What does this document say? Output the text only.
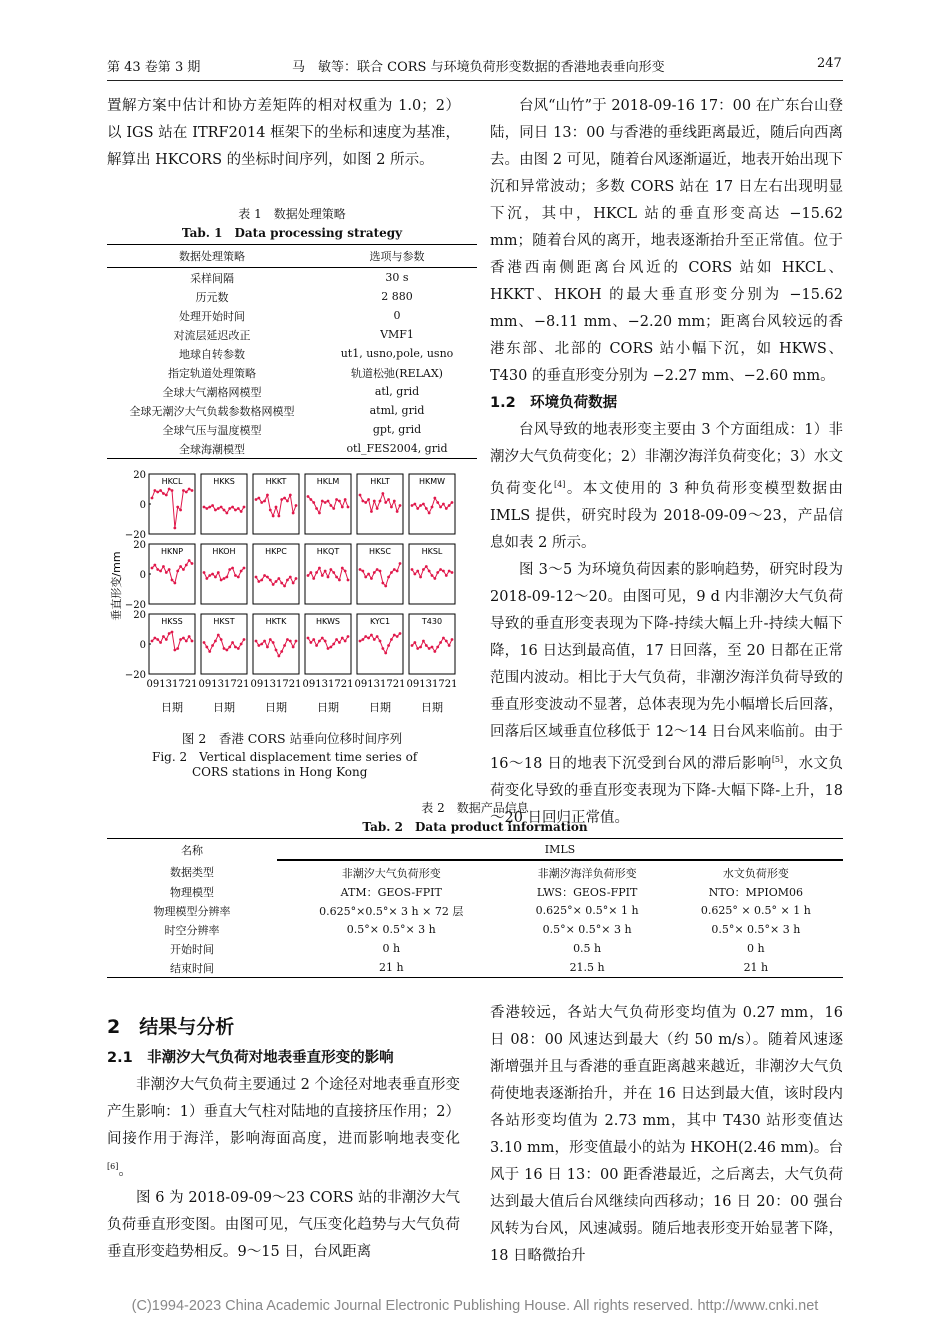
第 43 卷第 3 期	马　敏等：联合 CORS 与环境负荷形变数据的香港地表垂向形变	247

置解方案中估计和协方差矩阵的相对权重为 1.0；2）以 IGS 站在 ITRF2014 框架下的坐标和速度为基准，解算出 HKCORS 的坐标时间序列，如图 2 所示。

表 1　数据处理策略
Tab. 1　Data processing strategy
数据处理策略	选项与参数
采样间隔	30 s
历元数	2 880
处理开始时间	0
对流层延迟改正	VMF1
地球自转参数	ut1, usno,pole, usno
指定轨道处理策略	轨道松弛(RELAX)
全球大气潮格网模型	atl, grid
全球无潮汐大气负载参数格网模型	atml, grid
全球气压与温度模型	gpt, grid
全球海潮模型	otl_FES2004, grid
垂直形变/mm
HKCL
20
0
−20
HKKS	HKKT	HKLM	HKLT	HKMW
HKNP
20
0
−20
HKOH	HKPC	HKQT	HKSC	HKSL
HKSS
20
0
−20
09131721
日期
HKST
09131721
日期
HKTK
09131721
日期
HKWS
09131721
日期
KYC1
09131721
日期
T430
09131721
日期
图 2　香港 CORS 站垂向位移时间序列
Fig. 2　Vertical displacement time series of
CORS stations in Hong Kong

台风“山竹”于 2018-09-16 17：00 在广东台山登陆，同日 13：00 与香港的垂线距离最近，随后向西离去。由图 2 可见，随着台风逐渐逼近，地表开始出现下沉和异常波动；多数 CORS 站在 17 日左右出现明显下沉，其中，HKCL 站的垂直形变高达 −15.62 mm；随着台风的离开，地表逐渐抬升至正常值。位于香港西南侧距离台风近的 CORS 站如 HKCL、HKKT、HKOH 的最大垂直形变分别为 −15.62 mm、−8.11 mm、−2.20 mm；距离台风较远的香港东部、北部的 CORS 站小幅下沉，如 HKWS、T430 的垂直形变分别为 −2.27 mm、−2.60 mm。

1.2　环境负荷数据

台风导致的地表形变主要由 3 个方面组成：1）非潮汐大气负荷变化；2）非潮汐海洋负荷变化；3）水文负荷变化[4]。本文使用的 3 种负荷形变模型数据由 IMLS 提供，研究时段为 2018-09-09～23，产品信息如表 2 所示。

图 3～5 为环境负荷因素的影响趋势，研究时段为 2018-09-12～20。由图可见，9 d 内非潮汐大气负荷导致的垂直形变表现为下降-持续大幅上升-持续大幅下降，16 日达到最高值，17 日回落，至 20 日都在正常范围内波动。相比于大气负荷，非潮汐海洋负荷导致的垂直形变波动不显著，总体表现为先小幅增长后回落，回落后区域垂直位移低于 12～14 日台风来临前。由于 16～18 日的地表下沉受到台风的滞后影响[5]，水文负荷变化导致的垂直形变表现为下降-大幅下降-上升，18～20 日回归正常值。

表 2　数据产品信息
Tab. 2　Data product information
名称	IMLS		

数据类型	非潮汐大气负荷形变	非潮汐海洋负荷形变	水文负荷形变
物理模型	ATM：GEOS-FPIT	LWS：GEOS-FPIT	NTO：MPIOM06
物理模型分辨率	0.625°×0.5°× 3 h × 72 层	0.625°× 0.5°× 1 h	0.625° × 0.5° × 1 h
时空分辨率	0.5°× 0.5°× 3 h	0.5°× 0.5°× 3 h	0.5°× 0.5°× 3 h
开始时间	0 h	0.5 h	0 h
结束时间	21 h	21.5 h	21 h
2　结果与分析
2.1　非潮汐大气负荷对地表垂直形变的影响

非潮汐大气负荷主要通过 2 个途径对地表垂直形变产生影响：1）垂直大气柱对陆地的直接挤压作用；2）间接作用于海洋，影响海面高度，进而影响地表变化[6]。

图 6 为 2018-09-09～23 CORS 站的非潮汐大气负荷垂直形变图。由图可见，气压变化趋势与大气负荷垂直形变趋势相反。9～15 日，台风距离

香港较远，各站大气负荷形变均值为 0.27 mm，16 日 08：00 风速达到最大（约 50 m/s）。随着风速逐渐增强并且与香港的垂直距离越来越近，非潮汐大气负荷使地表逐渐抬升，并在 16 日达到最大值，该时段内各站形变均值为 2.73 mm，其中 T430 站形变值达 3.10 mm，形变值最小的站为 HKOH(2.46 mm)。台风于 16 日 13：00 距香港最近，之后离去，大气负荷达到最大值后台风继续向西移动；16 日 20：00 强台风转为台风，风速减弱。随后地表形变开始显著下降，18 日略微抬升

(C)1994-2023 China Academic Journal Electronic Publishing House. All rights reserved. http://www.cnki.net
